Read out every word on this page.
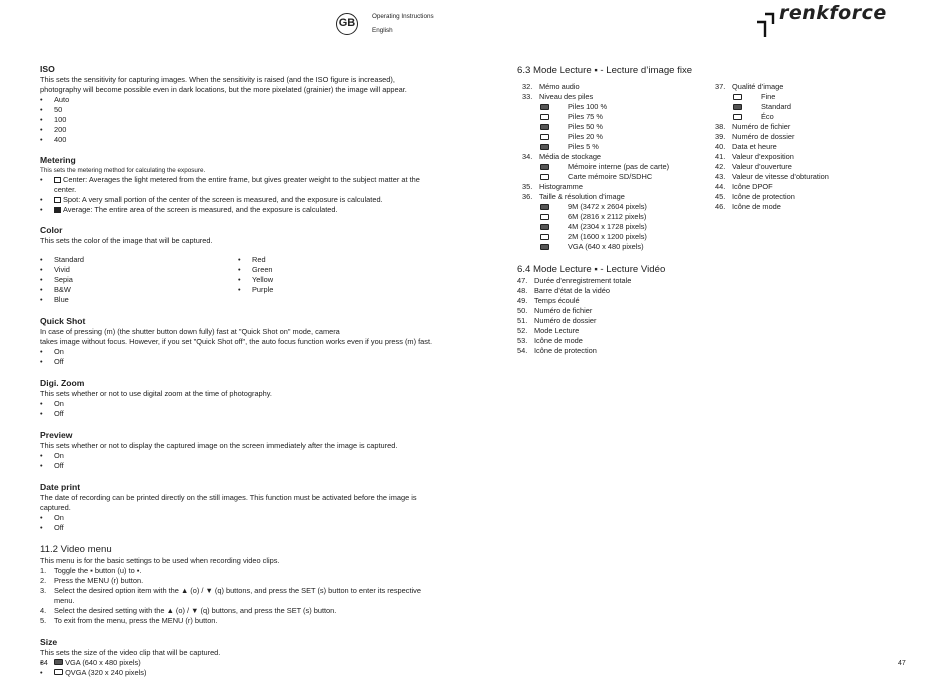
GB
Operating Instructions
English
renkforce
ISO

This sets the sensitivity for capturing images. When the sensitivity is raised (and the ISO figure is increased), photography will become possible even in dark locations, but the more pixelated (grainier) the image will appear.

• Auto
• 50
• 100
• 200
• 400
Metering

This sets the metering method for calculating the exposure.

• Center: Averages the light metered from the entire frame, but gives greater weight to the subject matter at the center.
• Spot: A very small portion of the center of the screen is measured, and the exposure is calculated.
• Average: The entire area of the screen is measured, and the exposure is calculated.
Color

This sets the color of the image that will be captured.

• Standard
• Vivid
• Sepia
• B&W
• Blue
• Red
• Green
• Yellow
• Purple
Quick Shot

In case of pressing (m) (the shutter button down fully) fast at "Quick Shot on" mode, camera

takes image without focus. However, if you set "Quick Shot off", the auto focus function works even if you press (m) fast.

• On
• Off
Digi. Zoom

This sets whether or not to use digital zoom at the time of photography.

• On
• Off
Preview

This sets whether or not to display the captured image on the screen immediately after the image is captured.

• On
• Off
Date print

The date of recording can be printed directly on the still images. This function must be activated before the image is captured.

• On
• Off
11.2 Video menu

This menu is for the basic settings to be used when recording video clips.

1. Toggle the ▪ button (u) to ▪.
2. Press the MENU (r) button.
3. Select the desired option item with the ▲ (o) / ▼ (q) buttons, and press the SET (s) button to enter its respective menu.
4. Select the desired setting with the ▲ (o) / ▼ (q) buttons, and press the SET (s) button.
5. To exit from the menu, press the MENU (r) button.
Size

This sets the size of the video clip that will be captured.

• VGA (640 x 480 pixels)
• QVGA (320 x 240 pixels)
34
6.3 Mode Lecture ▪ - Lecture d’image fixe
32. Mémo audio
33. Niveau des piles
Piles 100 %
Piles 75 %
Piles 50 %
Piles 20 %
Piles 5 %
34. Média de stockage
Mémoire interne (pas de carte)
Carte mémoire SD/SDHC
35. Histogramme
36. Taille & résolution d’image
9M (3472 x 2604 pixels)
6M (2816 x 2112 pixels)
4M (2304 x 1728 pixels)
2M (1600 x 1200 pixels)
VGA (640 x 480 pixels)
37. Qualité d’image
Fine
Standard
Éco
38. Numéro de fichier
39. Numéro de dossier
40. Data et heure
41. Valeur d’exposition
42. Valeur d’ouverture
43. Valeur de vitesse d’obturation
44. Icône DPOF
45. Icône de protection
46. Icône de mode
6.4 Mode Lecture ▪ - Lecture Vidéo
47. Durée d’enregistrement totale
48. Barre d’état de la vidéo
49. Temps écoulé
50. Numéro de fichier
51. Numéro de dossier
52. Mode Lecture
53. Icône de mode
54. Icône de protection
47
